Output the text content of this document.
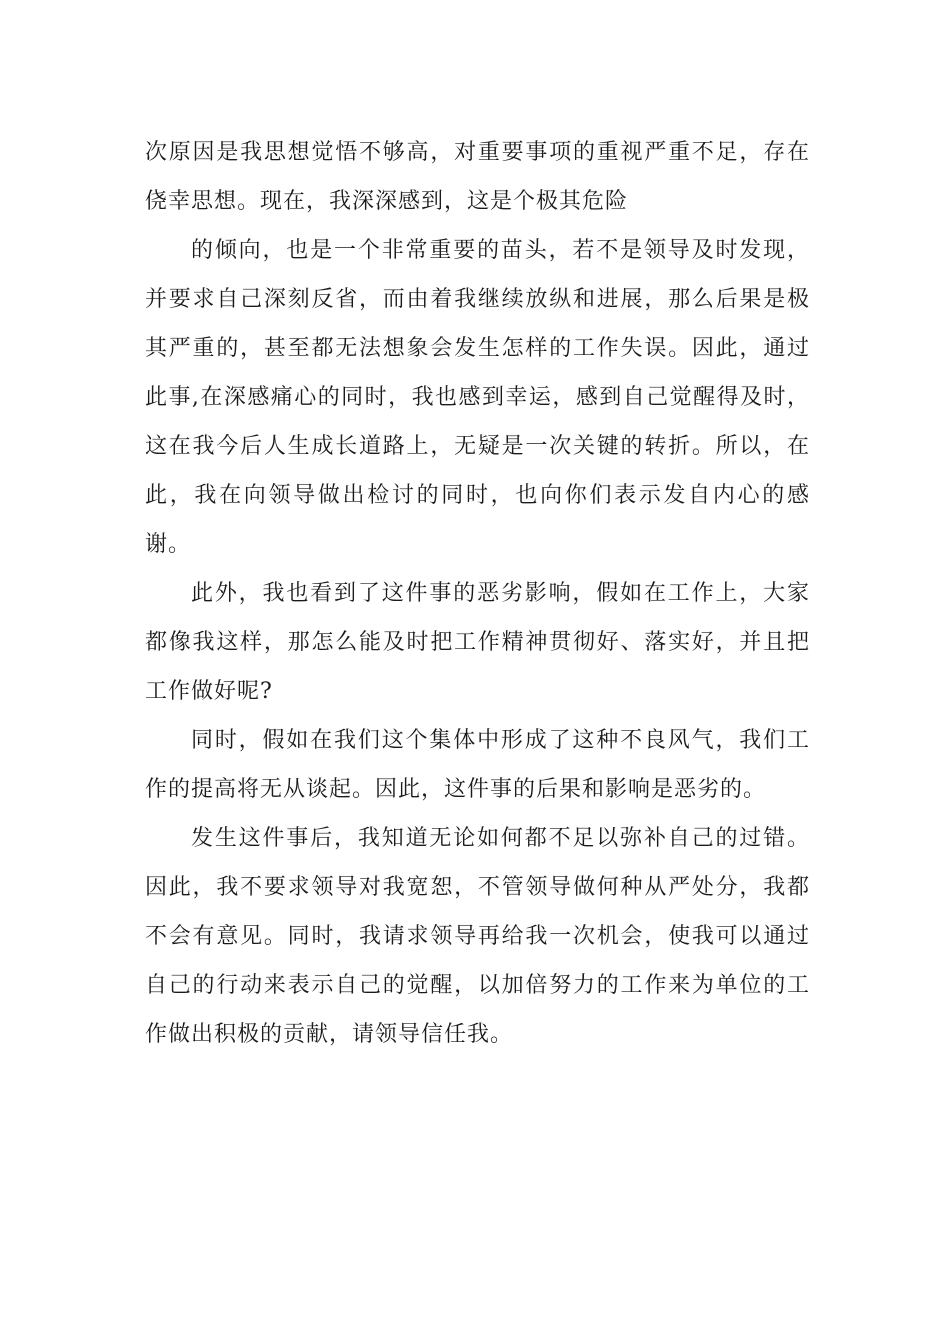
次原因是我思想觉悟不够高，对重要事项的重视严重不足，存在侥幸思想。现在，我深深感到，这是个极其危险

的倾向，也是一个非常重要的苗头，若不是领导及时发现，并要求自己深刻反省，而由着我继续放纵和进展，那么后果是极其严重的，甚至都无法想象会发生怎样的工作失误。因此，通过此事,在深感痛心的同时，我也感到幸运，感到自己觉醒得及时，这在我今后人生成长道路上，无疑是一次关键的转折。所以，在此，我在向领导做出检讨的同时，也向你们表示发自内心的感谢。

此外，我也看到了这件事的恶劣影响，假如在工作上，大家都像我这样，那怎么能及时把工作精神贯彻好、落实好，并且把工作做好呢?

同时，假如在我们这个集体中形成了这种不良风气，我们工作的提高将无从谈起。因此，这件事的后果和影响是恶劣的。

发生这件事后，我知道无论如何都不足以弥补自己的过错。因此，我不要求领导对我宽恕，不管领导做何种从严处分，我都不会有意见。同时，我请求领导再给我一次机会，使我可以通过自己的行动来表示自己的觉醒，以加倍努力的工作来为单位的工作做出积极的贡献，请领导信任我。
